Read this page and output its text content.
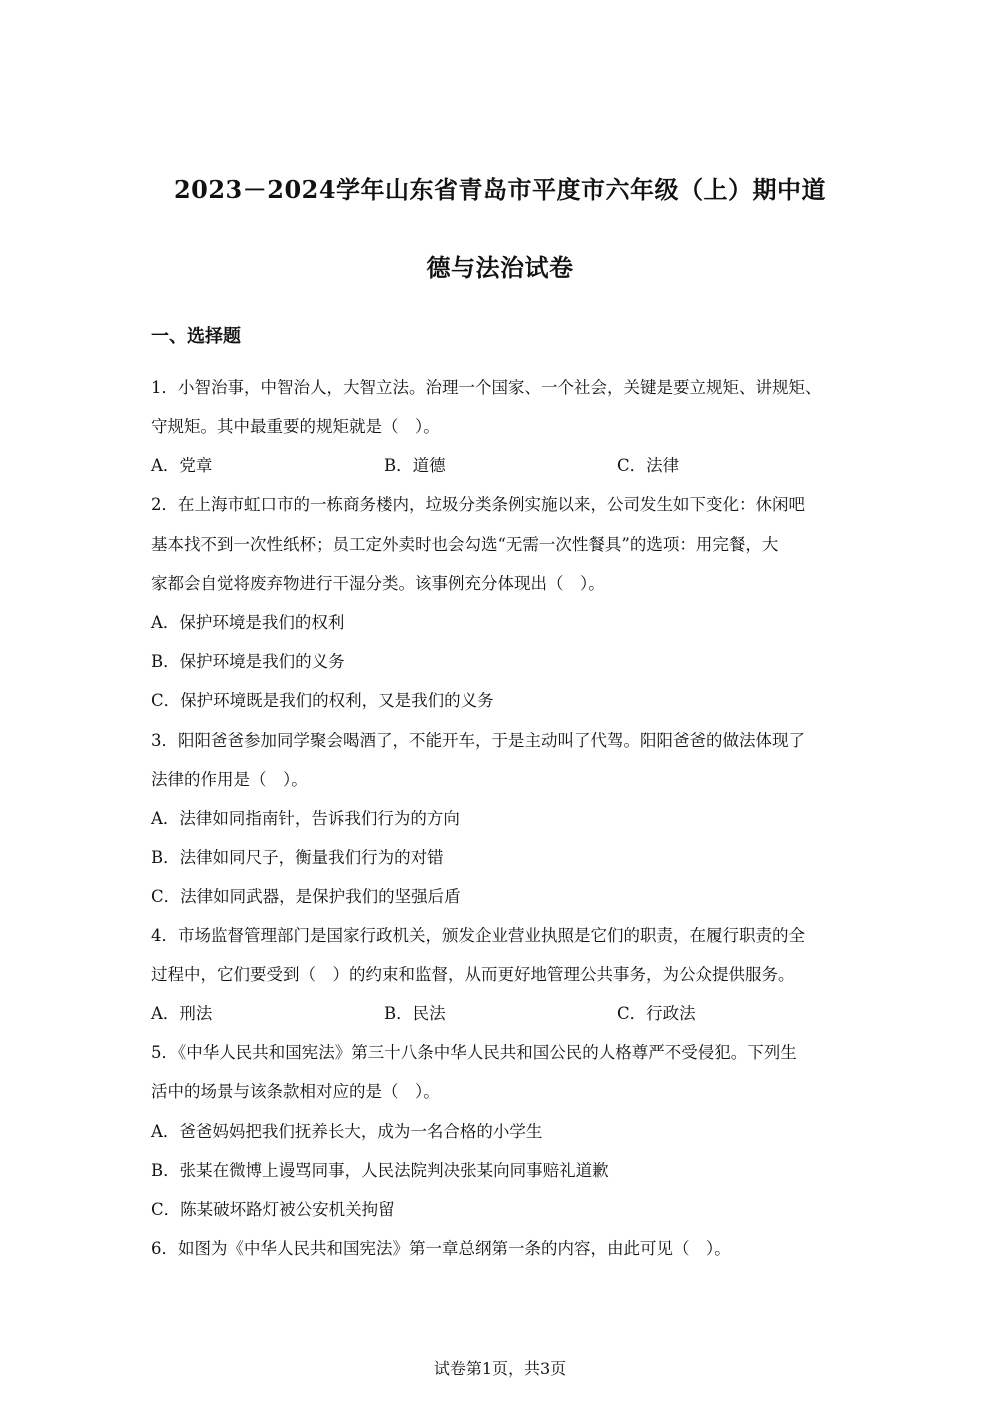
2023－2024学年山东省青岛市平度市六年级（上）期中道
德与法治试卷
一、选择题
1．小智治事，中智治人，大智立法。治理一个国家、一个社会，关键是要立规矩、讲规矩、
守规矩。其中最重要的规矩就是（　）。
A．党章	B．道德	C．法律
2．在上海市虹口市的一栋商务楼内，垃圾分类条例实施以来，公司发生如下变化：休闲吧
基本找不到一次性纸杯；员工定外卖时也会勾选“无需一次性餐具”的选项：用完餐，大
家都会自觉将废弃物进行干湿分类。该事例充分体现出（　）。
A．保护环境是我们的权利
B．保护环境是我们的义务
C．保护环境既是我们的权利，又是我们的义务
3．阳阳爸爸参加同学聚会喝酒了，不能开车，于是主动叫了代驾。阳阳爸爸的做法体现了
法律的作用是（　）。
A．法律如同指南针，告诉我们行为的方向
B．法律如同尺子，衡量我们行为的对错
C．法律如同武器，是保护我们的坚强后盾
4．市场监督管理部门是国家行政机关，颁发企业营业执照是它们的职责，在履行职责的全
过程中，它们要受到（　）的约束和监督，从而更好地管理公共事务，为公众提供服务。
A．刑法	B．民法	C．行政法
5．《中华人民共和国宪法》第三十八条中华人民共和国公民的人格尊严不受侵犯。下列生
活中的场景与该条款相对应的是（　）。
A．爸爸妈妈把我们抚养长大，成为一名合格的小学生
B．张某在微博上谩骂同事，人民法院判决张某向同事赔礼道歉
C．陈某破坏路灯被公安机关拘留
6．如图为《中华人民共和国宪法》第一章总纲第一条的内容，由此可见（　）。
试卷第1页，共3页
